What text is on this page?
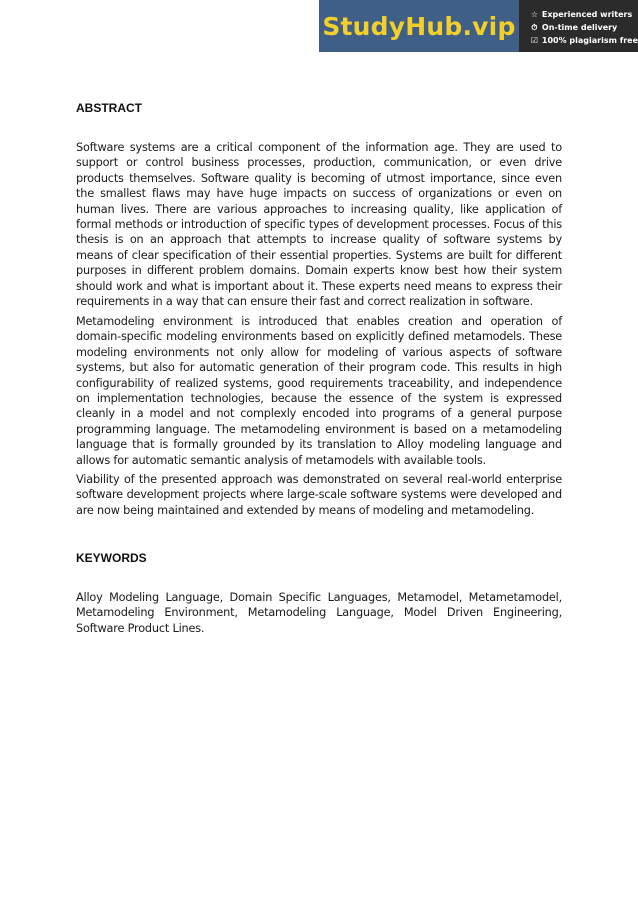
StudyHub.vip ☆ Experienced writers
⏱ On-time delivery
☑ 100% plagiarism free
ABSTRACT

Software systems are a critical component of the information age. They are used to support or control business processes, production, communication, or even drive products themselves. Software quality is becoming of utmost importance, since even the smallest flaws may have huge impacts on success of organizations or even on human lives. There are various approaches to increasing quality, like application of formal methods or introduction of specific types of development processes. Focus of this thesis is on an approach that attempts to increase quality of software systems by means of clear specification of their essential properties. Systems are built for different purposes in different problem domains. Domain experts know best how their system should work and what is important about it. These experts need means to express their requirements in a way that can ensure their fast and correct realization in software.

Metamodeling environment is introduced that enables creation and operation of domain-specific modeling environments based on explicitly defined metamodels. These modeling environments not only allow for modeling of various aspects of software systems, but also for automatic generation of their program code. This results in high configurability of realized systems, good requirements traceability, and independence on implementation technologies, because the essence of the system is expressed cleanly in a model and not complexly encoded into programs of a general purpose programming language. The metamodeling environment is based on a metamodeling language that is formally grounded by its translation to Alloy modeling language and allows for automatic semantic analysis of metamodels with available tools.

Viability of the presented approach was demonstrated on several real-world enterprise software development projects where large-scale software systems were developed and are now being maintained and extended by means of modeling and metamodeling.

KEYWORDS

Alloy Modeling Language, Domain Specific Languages, Metamodel, Metametamodel, Metamodeling Environment, Metamodeling Language, Model Driven Engineering, Software Product Lines.
